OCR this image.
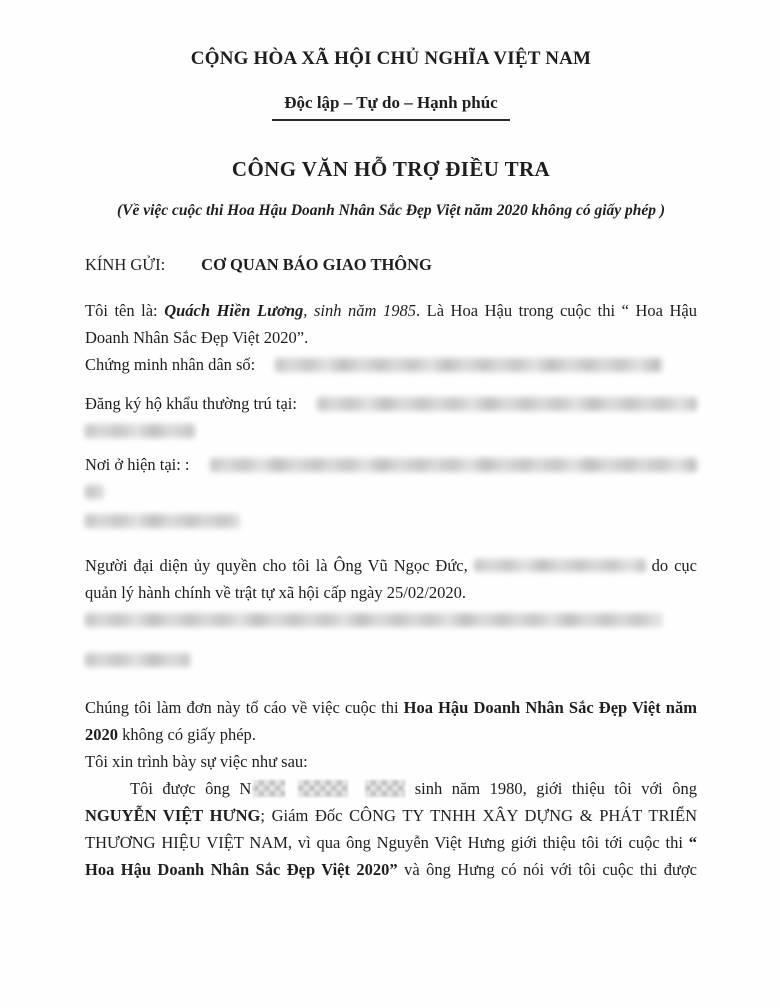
CỘNG HÒA XÃ HỘI CHỦ NGHĨA VIỆT NAM
Độc lập – Tự do – Hạnh phúc
CÔNG VĂN HỖ TRỢ ĐIỀU TRA
(Về việc cuộc thi Hoa Hậu Doanh Nhân Sắc Đẹp Việt năm 2020 không có giấy phép )
KÍNH GỬI: CƠ QUAN BÁO GIAO THÔNG

Tôi tên là: Quách Hiền Lương, sinh năm 1985. Là Hoa Hậu trong cuộc thi “ Hoa Hậu Doanh Nhân Sắc Đẹp Việt 2020”.

Chứng minh nhân dân số:
Đăng ký hộ khẩu thường trú tại:
Nơi ở hiện tại: :

Người đại diện ủy quyền cho tôi là Ông Vũ Ngọc Đức,	do cục quản lý hành chính về trật tự xã hội cấp ngày 25/02/2020.

Chúng tôi làm đơn này tố cáo về việc cuộc thi Hoa Hậu Doanh Nhân Sắc Đẹp Việt năm 2020 không có giấy phép.

Tôi xin trình bày sự việc như sau:

Tôi được ông N	sinh năm 1980, giới thiệu tôi với ông NGUYỄN VIỆT HƯNG; Giám Đốc CÔNG TY TNHH XÂY DỰNG & PHÁT TRIỂN THƯƠNG HIỆU VIỆT NAM, vì qua ông Nguyễn Việt Hưng giới thiệu tôi tới cuộc thi “ Hoa Hậu Doanh Nhân Sắc Đẹp Việt 2020” và ông Hưng có nói với tôi cuộc thi được
